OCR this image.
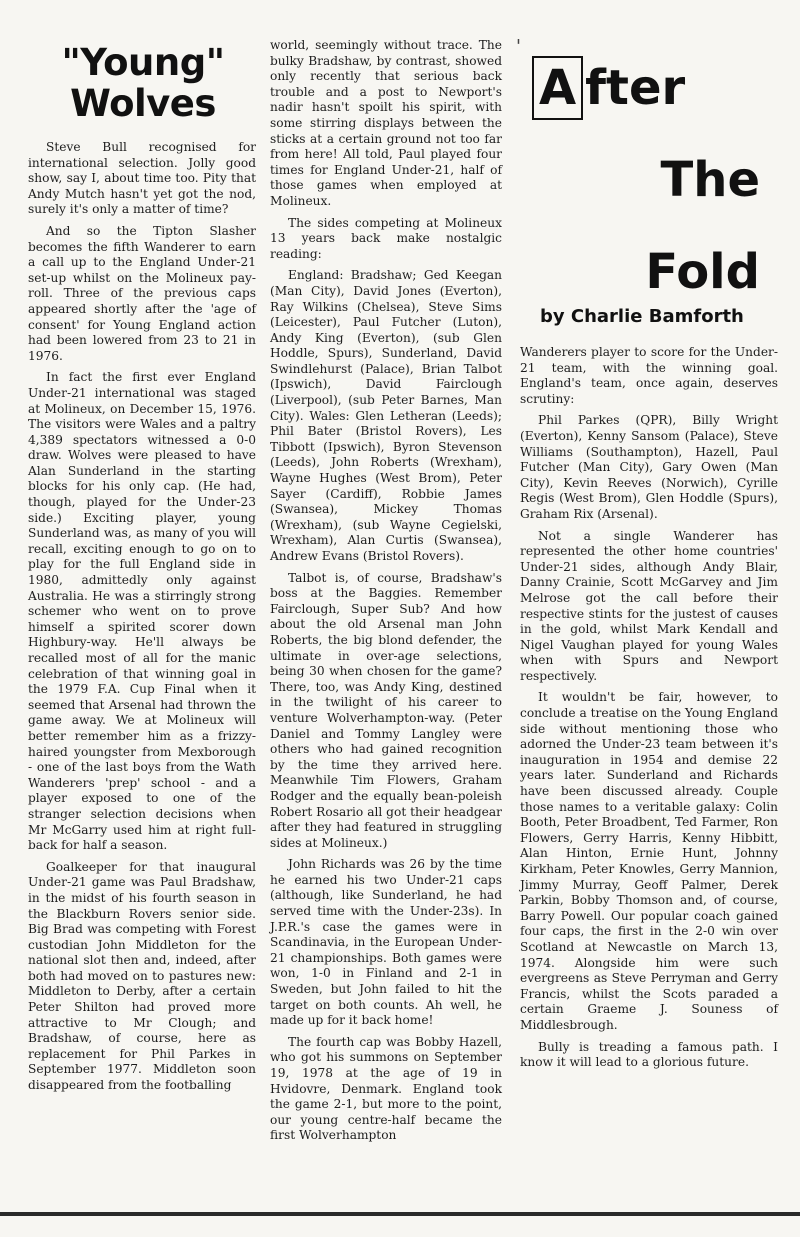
"Young"
Wolves

Steve Bull recognised for international selection. Jolly good show, say I, about time too. Pity that Andy Mutch hasn't yet got the nod, surely it's only a matter of time?

And so the Tipton Slasher becomes the fifth Wanderer to earn a call up to the England Under-21 set-up whilst on the Molineux pay-roll. Three of the previous caps appeared shortly after the 'age of consent' for Young England action had been lowered from 23 to 21 in 1976.

In fact the first ever England Under-21 international was staged at Molineux, on December 15, 1976. The visitors were Wales and a paltry 4,389 spectators witnessed a 0-0 draw. Wolves were pleased to have Alan Sunderland in the starting blocks for his only cap. (He had, though, played for the Under-23 side.) Exciting player, young Sunderland was, as many of you will recall, exciting enough to go on to play for the full England side in 1980, admittedly only against Australia. He was a stirringly strong schemer who went on to prove himself a spirited scorer down Highbury-way. He'll always be recalled most of all for the manic celebration of that winning goal in the 1979 F.A. Cup Final when it seemed that Arsenal had thrown the game away. We at Molineux will better remember him as a frizzy-haired youngster from Mexborough - one of the last boys from the Wath Wanderers 'prep' school - and a player exposed to one of the stranger selection decisions when Mr McGarry used him at right full-back for half a season.

Goalkeeper for that inaugural Under-21 game was Paul Bradshaw, in the midst of his fourth season in the Blackburn Rovers senior side. Big Brad was competing with Forest custodian John Middleton for the national slot then and, indeed, after both had moved on to pastures new: Middleton to Derby, after a certain Peter Shilton had proved more attractive to Mr Clough; and Bradshaw, of course, here as replacement for Phil Parkes in September 1977. Middleton soon disappeared from the footballing

world, seemingly without trace. The bulky Bradshaw, by contrast, showed only recently that serious back trouble and a post to Newport's nadir hasn't spoilt his spirit, with some stirring displays between the sticks at a certain ground not too far from here! All told, Paul played four times for England Under-21, half of those games when employed at Molineux.

The sides competing at Molineux 13 years back make nostalgic reading:

England: Bradshaw; Ged Keegan (Man City), David Jones (Everton), Ray Wilkins (Chelsea), Steve Sims (Leicester), Paul Futcher (Luton), Andy King (Everton), (sub Glen Hoddle, Spurs), Sunderland, David Swindlehurst (Palace), Brian Talbot (Ipswich), David Fairclough (Liverpool), (sub Peter Barnes, Man City). Wales: Glen Letheran (Leeds); Phil Bater (Bristol Rovers), Les Tibbott (Ipswich), Byron Stevenson (Leeds), John Roberts (Wrexham), Wayne Hughes (West Brom), Peter Sayer (Cardiff), Robbie James (Swansea), Mickey Thomas (Wrexham), (sub Wayne Cegielski, Wrexham), Alan Curtis (Swansea), Andrew Evans (Bristol Rovers).

Talbot is, of course, Bradshaw's boss at the Baggies. Remember Fairclough, Super Sub? And how about the old Arsenal man John Roberts, the big blond defender, the ultimate in over-age selections, being 30 when chosen for the game? There, too, was Andy King, destined in the twilight of his career to venture Wolverhampton-way. (Peter Daniel and Tommy Langley were others who had gained recognition by the time they arrived here. Meanwhile Tim Flowers, Graham Rodger and the equally bean-poleish Robert Rosario all got their headgear after they had featured in struggling sides at Molineux.)

John Richards was 26 by the time he earned his two Under-21 caps (although, like Sunderland, he had served time with the Under-23s). In J.P.R.'s case the games were in Scandinavia, in the European Under-21 championships. Both games were won, 1-0 in Finland and 2-1 in Sweden, but John failed to hit the target on both counts. Ah well, he made up for it back home!

The fourth cap was Bobby Hazell, who got his summons on September 19, 1978 at the age of 19 in Hvidovre, Denmark. England took the game 2-1, but more to the point, our young centre-half became the first Wolverhampton

'
A fter
The
Fold
by Charlie Bamforth

Wanderers player to score for the Under-21 team, with the winning goal. England's team, once again, deserves scrutiny:

Phil Parkes (QPR), Billy Wright (Everton), Kenny Sansom (Palace), Steve Williams (Southampton), Hazell, Paul Futcher (Man City), Gary Owen (Man City), Kevin Reeves (Norwich), Cyrille Regis (West Brom), Glen Hoddle (Spurs), Graham Rix (Arsenal).

Not a single Wanderer has represented the other home countries' Under-21 sides, although Andy Blair, Danny Crainie, Scott McGarvey and Jim Melrose got the call before their respective stints for the justest of causes in the gold, whilst Mark Kendall and Nigel Vaughan played for young Wales when with Spurs and Newport respectively.

It wouldn't be fair, however, to conclude a treatise on the Young England side without mentioning those who adorned the Under-23 team between it's inauguration in 1954 and demise 22 years later. Sunderland and Richards have been discussed already. Couple those names to a veritable galaxy: Colin Booth, Peter Broadbent, Ted Farmer, Ron Flowers, Gerry Harris, Kenny Hibbitt, Alan Hinton, Ernie Hunt, Johnny Kirkham, Peter Knowles, Gerry Mannion, Jimmy Murray, Geoff Palmer, Derek Parkin, Bobby Thomson and, of course, Barry Powell. Our popular coach gained four caps, the first in the 2-0 win over Scotland at Newcastle on March 13, 1974. Alongside him were such evergreens as Steve Perryman and Gerry Francis, whilst the Scots paraded a certain Graeme J. Souness of Middlesbrough.

Bully is treading a famous path. I know it will lead to a glorious future.
